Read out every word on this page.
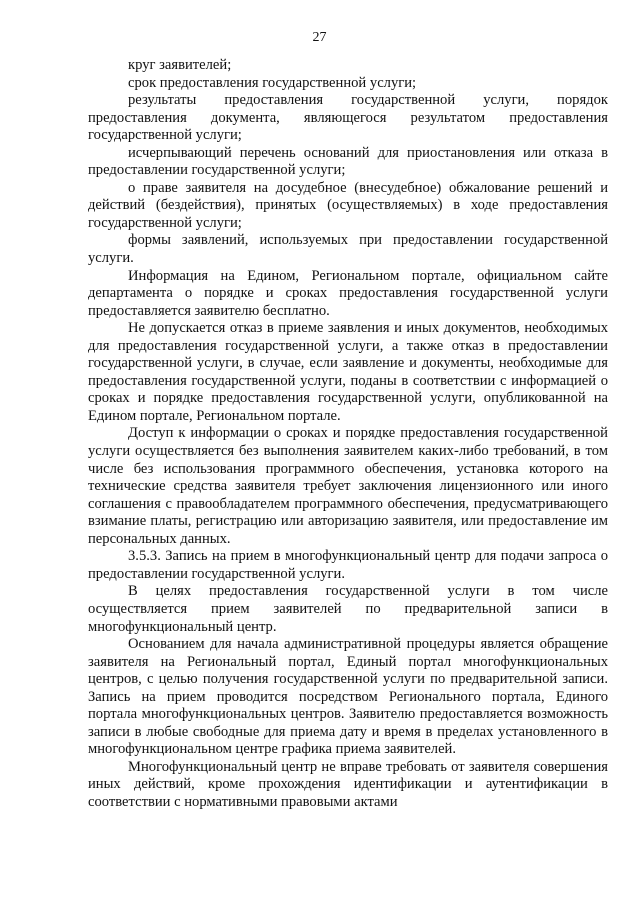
27

круг заявителей;

срок предоставления государственной услуги;

результаты предоставления государственной услуги, порядок предоставления документа, являющегося результатом предоставления государственной услуги;

исчерпывающий перечень оснований для приостановления или отказа в предоставлении государственной услуги;

о праве заявителя на досудебное (внесудебное) обжалование решений и действий (бездействия), принятых (осуществляемых) в ходе предоставления государственной услуги;

формы заявлений, используемых при предоставлении государственной услуги.

Информация на Едином, Региональном портале, официальном сайте департамента о порядке и сроках предоставления государственной услуги предоставляется заявителю бесплатно.

Не допускается отказ в приеме заявления и иных документов, необходимых для предоставления государственной услуги, а также отказ в предоставлении государственной услуги, в случае, если заявление и документы, необходимые для предоставления государственной услуги, поданы в соответствии с информацией о сроках и порядке предоставления государственной услуги, опубликованной на Едином портале, Региональном портале.

Доступ к информации о сроках и порядке предоставления государственной услуги осуществляется без выполнения заявителем каких-либо требований, в том числе без использования программного обеспечения, установка которого на технические средства заявителя требует заключения лицензионного или иного соглашения с правообладателем программного обеспечения, предусматривающего взимание платы, регистрацию или авторизацию заявителя, или предоставление им персональных данных.

3.5.3. Запись на прием в многофункциональный центр для подачи запроса о предоставлении государственной услуги.

В целях предоставления государственной услуги в том числе осуществляется прием заявителей по предварительной записи в многофункциональный центр.

Основанием для начала административной процедуры является обращение заявителя на Региональный портал, Единый портал многофункциональных центров, с целью получения государственной услуги по предварительной записи. Запись на прием проводится посредством Регионального портала, Единого портала многофункциональных центров. Заявителю предоставляется возможность записи в любые свободные для приема дату и время в пределах установленного в многофункциональном центре графика приема заявителей.

Многофункциональный центр не вправе требовать от заявителя совершения иных действий, кроме прохождения идентификации и аутентификации в соответствии с нормативными правовыми актами
